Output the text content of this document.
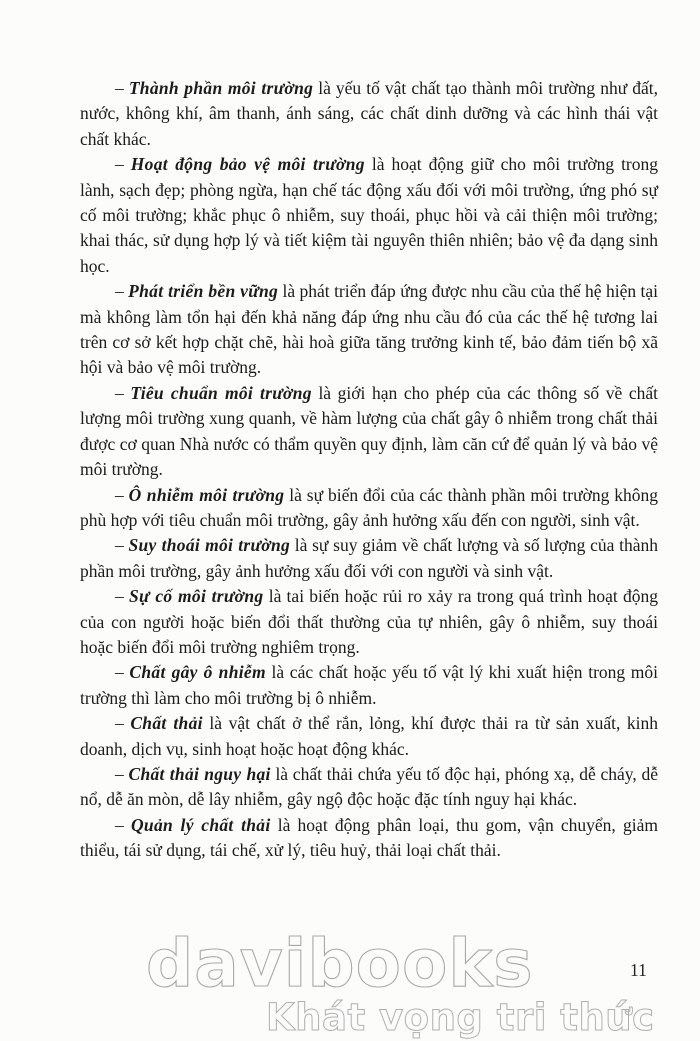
– Thành phần môi trường là yếu tố vật chất tạo thành môi trường như đất, nước, không khí, âm thanh, ánh sáng, các chất dinh dưỡng và các hình thái vật chất khác.

– Hoạt động bảo vệ môi trường là hoạt động giữ cho môi trường trong lành, sạch đẹp; phòng ngừa, hạn chế tác động xấu đối với môi trường, ứng phó sự cố môi trường; khắc phục ô nhiễm, suy thoái, phục hồi và cải thiện môi trường; khai thác, sử dụng hợp lý và tiết kiệm tài nguyên thiên nhiên; bảo vệ đa dạng sinh học.

– Phát triển bền vững là phát triển đáp ứng được nhu cầu của thế hệ hiện tại mà không làm tổn hại đến khả năng đáp ứng nhu cầu đó của các thế hệ tương lai trên cơ sở kết hợp chặt chẽ, hài hoà giữa tăng trưởng kinh tế, bảo đảm tiến bộ xã hội và bảo vệ môi trường.

– Tiêu chuẩn môi trường là giới hạn cho phép của các thông số về chất lượng môi trường xung quanh, về hàm lượng của chất gây ô nhiễm trong chất thải được cơ quan Nhà nước có thẩm quyền quy định, làm căn cứ để quản lý và bảo vệ môi trường.

– Ô nhiễm môi trường là sự biến đổi của các thành phần môi trường không phù hợp với tiêu chuẩn môi trường, gây ảnh hưởng xấu đến con người, sinh vật.

– Suy thoái môi trường là sự suy giảm về chất lượng và số lượng của thành phần môi trường, gây ảnh hưởng xấu đối với con người và sinh vật.

– Sự cố môi trường là tai biến hoặc rủi ro xảy ra trong quá trình hoạt động của con người hoặc biến đổi thất thường của tự nhiên, gây ô nhiễm, suy thoái hoặc biến đổi môi trường nghiêm trọng.

– Chất gây ô nhiễm là các chất hoặc yếu tố vật lý khi xuất hiện trong môi trường thì làm cho môi trường bị ô nhiễm.

– Chất thải là vật chất ở thể rắn, lỏng, khí được thải ra từ sản xuất, kinh doanh, dịch vụ, sinh hoạt hoặc hoạt động khác.

– Chất thải nguy hại là chất thải chứa yếu tố độc hại, phóng xạ, dễ cháy, dễ nổ, dễ ăn mòn, dễ lây nhiễm, gây ngộ độc hoặc đặc tính nguy hại khác.

– Quản lý chất thải là hoạt động phân loại, thu gom, vận chuyển, giảm thiểu, tái sử dụng, tái chế, xử lý, tiêu huỷ, thải loại chất thải.

davibooks
Khát vọng tri thức
11
